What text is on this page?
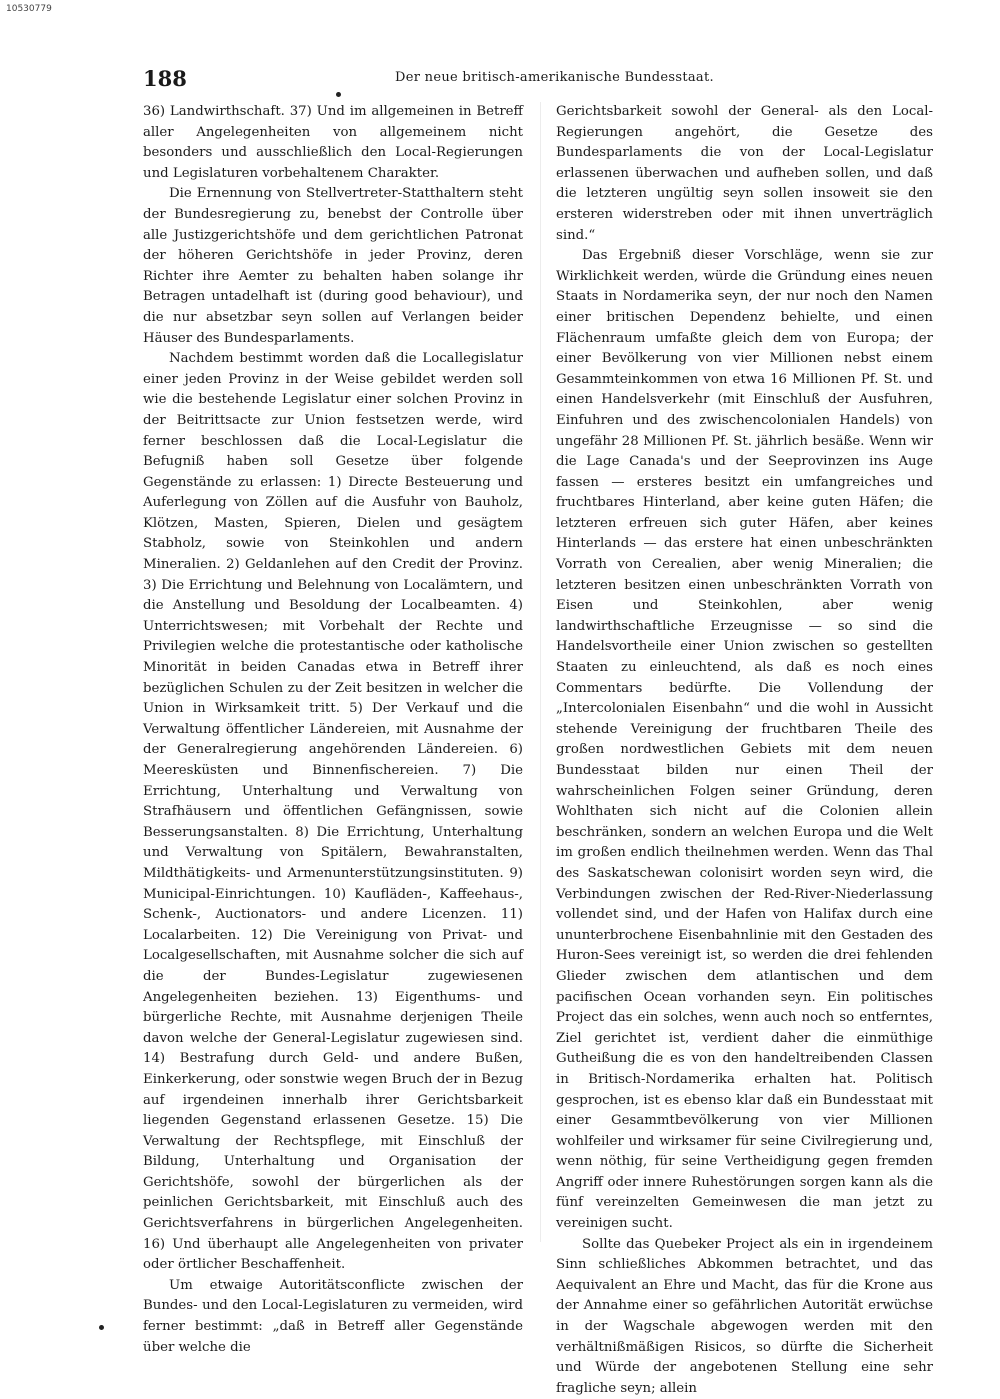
10530779
188	Der neue britisch-amerikanische Bundesstaat.

36) Landwirthschaft. 37) Und im allgemeinen in Betreff aller Angelegenheiten von allgemeinem nicht besonders und ausschließlich den Local-Regierungen und Legislaturen vorbehaltenem Charakter.

Die Ernennung von Stellvertreter-Statthaltern steht der Bundesregierung zu, benebst der Controlle über alle Justizgerichtshöfe und dem gerichtlichen Patronat der höheren Gerichtshöfe in jeder Provinz, deren Richter ihre Aemter zu behalten haben solange ihr Betragen untadelhaft ist (during good behaviour), und die nur absetzbar seyn sollen auf Verlangen beider Häuser des Bundesparlaments.

Nachdem bestimmt worden daß die Locallegislatur einer jeden Provinz in der Weise gebildet werden soll wie die bestehende Legislatur einer solchen Provinz in der Beitrittsacte zur Union festsetzen werde, wird ferner beschlossen daß die Local-Legislatur die Befugniß haben soll Gesetze über folgende Gegenstände zu erlassen: 1) Directe Besteuerung und Auferlegung von Zöllen auf die Ausfuhr von Bauholz, Klötzen, Masten, Spieren, Dielen und gesägtem Stabholz, sowie von Steinkohlen und andern Mineralien. 2) Geldanlehen auf den Credit der Provinz. 3) Die Errichtung und Belehnung von Localämtern, und die Anstellung und Besoldung der Localbeamten. 4) Unterrichtswesen; mit Vorbehalt der Rechte und Privilegien welche die protestantische oder katholische Minorität in beiden Canadas etwa in Betreff ihrer bezüglichen Schulen zu der Zeit besitzen in welcher die Union in Wirksamkeit tritt. 5) Der Verkauf und die Verwaltung öffentlicher Ländereien, mit Ausnahme der der Generalregierung angehörenden Ländereien. 6) Meeresküsten und Binnenfischereien. 7) Die Errichtung, Unterhaltung und Verwaltung von Strafhäusern und öffentlichen Gefängnissen, sowie Besserungsanstalten. 8) Die Errichtung, Unterhaltung und Verwaltung von Spitälern, Bewahranstalten, Mildthätigkeits- und Armenunterstützungsinstituten. 9) Municipal-Einrichtungen. 10) Kaufläden-, Kaffeehaus-, Schenk-, Auctionators- und andere Licenzen. 11) Localarbeiten. 12) Die Vereinigung von Privat- und Localgesellschaften, mit Ausnahme solcher die sich auf die der Bundes-Legislatur zugewiesenen Angelegenheiten beziehen. 13) Eigenthums- und bürgerliche Rechte, mit Ausnahme derjenigen Theile davon welche der General-Legislatur zugewiesen sind. 14) Bestrafung durch Geld- und andere Bußen, Einkerkerung, oder sonstwie wegen Bruch der in Bezug auf irgendeinen innerhalb ihrer Gerichtsbarkeit liegenden Gegenstand erlassenen Gesetze. 15) Die Verwaltung der Rechtspflege, mit Einschluß der Bildung, Unterhaltung und Organisation der Gerichtshöfe, sowohl der bürgerlichen als der peinlichen Gerichtsbarkeit, mit Einschluß auch des Gerichtsverfahrens in bürgerlichen Angelegenheiten. 16) Und überhaupt alle Angelegenheiten von privater oder örtlicher Beschaffenheit.

Um etwaige Autoritätsconflicte zwischen der Bundes- und den Local-Legislaturen zu vermeiden, wird ferner bestimmt: „daß in Betreff aller Gegenstände über welche die

Gerichtsbarkeit sowohl der General- als den Local-Regierungen angehört, die Gesetze des Bundesparlaments die von der Local-Legislatur erlassenen überwachen und aufheben sollen, und daß die letzteren ungültig seyn sollen insoweit sie den ersteren widerstreben oder mit ihnen unverträglich sind.“

Das Ergebniß dieser Vorschläge, wenn sie zur Wirklichkeit werden, würde die Gründung eines neuen Staats in Nordamerika seyn, der nur noch den Namen einer britischen Dependenz behielte, und einen Flächenraum umfaßte gleich dem von Europa; der einer Bevölkerung von vier Millionen nebst einem Gesammteinkommen von etwa 16 Millionen Pf. St. und einen Handelsverkehr (mit Einschluß der Ausfuhren, Einfuhren und des zwischencolonialen Handels) von ungefähr 28 Millionen Pf. St. jährlich besäße. Wenn wir die Lage Canada's und der Seeprovinzen ins Auge fassen — ersteres besitzt ein umfangreiches und fruchtbares Hinterland, aber keine guten Häfen; die letzteren erfreuen sich guter Häfen, aber keines Hinterlands — das erstere hat einen unbeschränkten Vorrath von Cerealien, aber wenig Mineralien; die letzteren besitzen einen unbeschränkten Vorrath von Eisen und Steinkohlen, aber wenig landwirthschaftliche Erzeugnisse — so sind die Handelsvortheile einer Union zwischen so gestellten Staaten zu einleuchtend, als daß es noch eines Commentars bedürfte. Die Vollendung der „Intercolonialen Eisenbahn“ und die wohl in Aussicht stehende Vereinigung der fruchtbaren Theile des großen nordwestlichen Gebiets mit dem neuen Bundesstaat bilden nur einen Theil der wahrscheinlichen Folgen seiner Gründung, deren Wohlthaten sich nicht auf die Colonien allein beschränken, sondern an welchen Europa und die Welt im großen endlich theilnehmen werden. Wenn das Thal des Saskatschewan colonisirt worden seyn wird, die Verbindungen zwischen der Red-River-Niederlassung vollendet sind, und der Hafen von Halifax durch eine ununterbrochene Eisenbahnlinie mit den Gestaden des Huron-Sees vereinigt ist, so werden die drei fehlenden Glieder zwischen dem atlantischen und dem pacifischen Ocean vorhanden seyn. Ein politisches Project das ein solches, wenn auch noch so entferntes, Ziel gerichtet ist, verdient daher die einmüthige Gutheißung die es von den handeltreibenden Classen in Britisch-Nordamerika erhalten hat. Politisch gesprochen, ist es ebenso klar daß ein Bundesstaat mit einer Gesammtbevölkerung von vier Millionen wohlfeiler und wirksamer für seine Civilregierung und, wenn nöthig, für seine Vertheidigung gegen fremden Angriff oder innere Ruhestörungen sorgen kann als die fünf vereinzelten Gemeinwesen die man jetzt zu vereinigen sucht.

Sollte das Quebeker Project als ein in irgendeinem Sinn schließliches Abkommen betrachtet, und das Aequivalent an Ehre und Macht, das für die Krone aus der Annahme einer so gefährlichen Autorität erwüchse in der Wagschale abgewogen werden mit den verhältnißmäßigen Risicos, so dürfte die Sicherheit und Würde der angebotenen Stellung eine sehr fragliche seyn; allein
